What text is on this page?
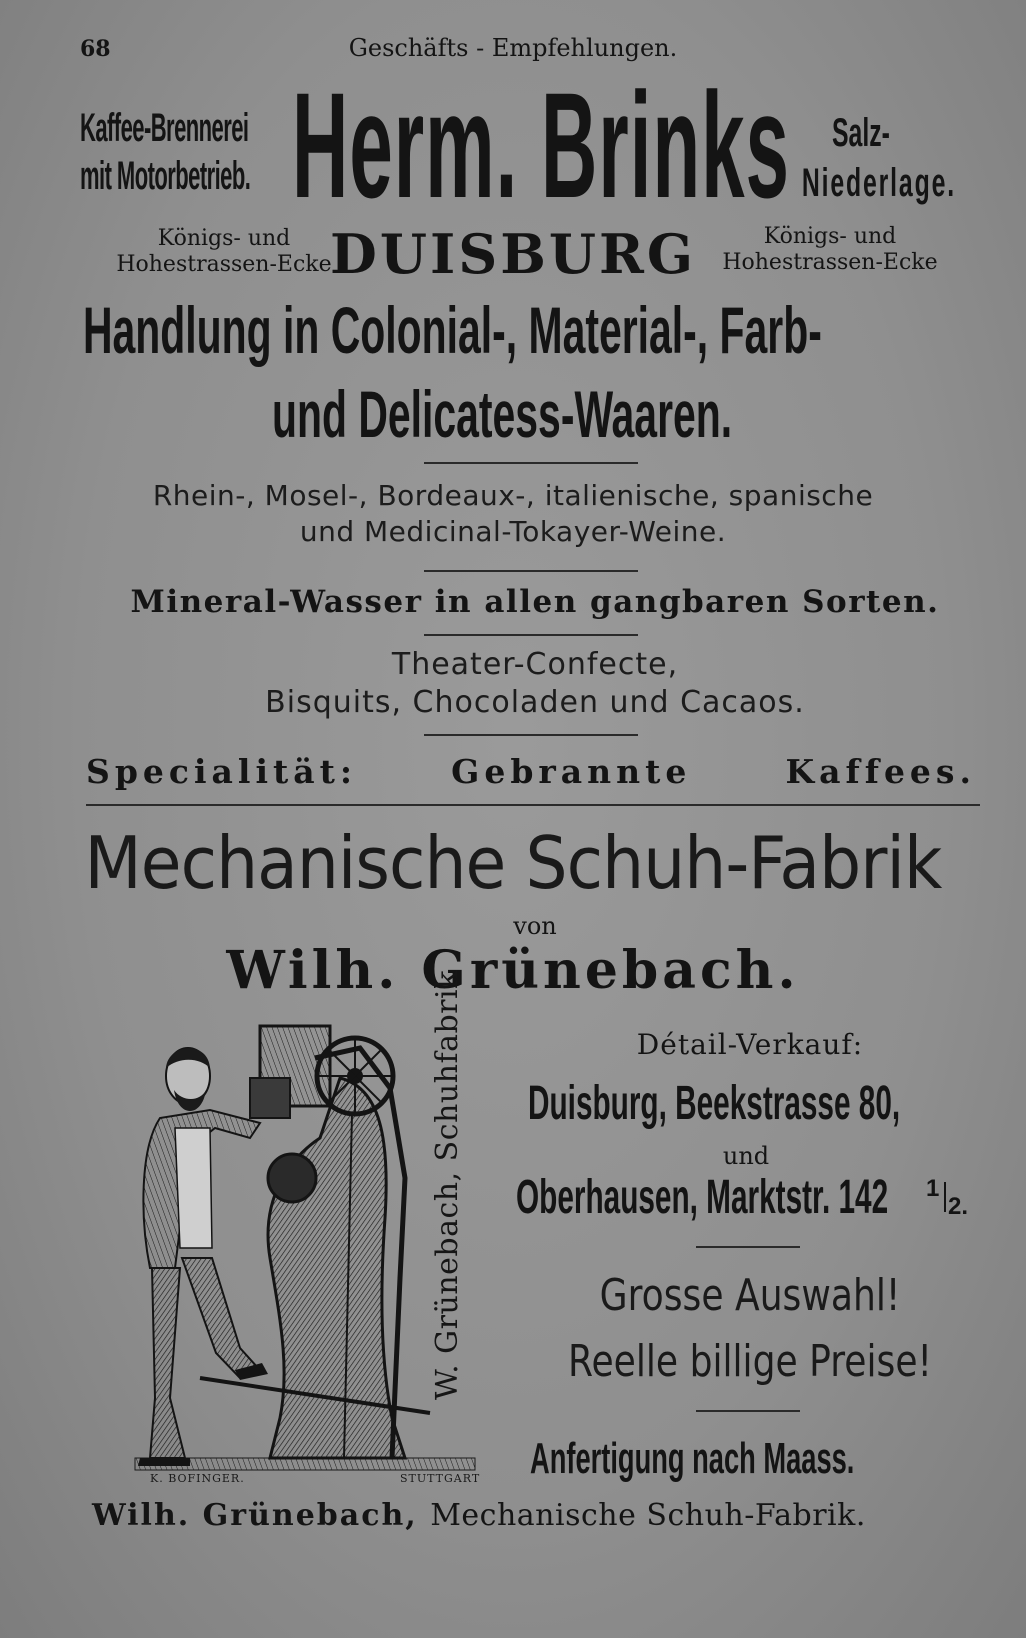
68	Geschäfts - Empfehlungen.
Kaffee-Brennerei
mit Motorbetrieb. Herm. Brinks	Salz-
Niederlage.
Königs- und
Hohestrassen-Ecke
DUISBURG	Königs- und
Hohestrassen-Ecke
Handlung in Colonial-, Material-, Farb-
und Delicatess-Waaren.
Rhein-, Mosel-, Bordeaux-, italienische, spanische
und Medicinal-Tokayer-Weine.
Mineral-Wasser in allen gangbaren Sorten.
Theater-Confecte,
Bisquits, Chocoladen und Cacaos.
Specialität:	Gebrannte	Kaffees.
Mechanische Schuh-Fabrik
von
Wilh. Grünebach.
W. Grünebach, Schuhfabrik
K. BOFINGER.	STUTTGART
Détail-Verkauf:
Duisburg, Beekstrasse 80,
und
Oberhausen, Marktstr. 142 1
2.
Grosse Auswahl!
Reelle billige Preise!
Anfertigung nach Maass.
Wilh. Grünebach, Mechanische Schuh-Fabrik.
